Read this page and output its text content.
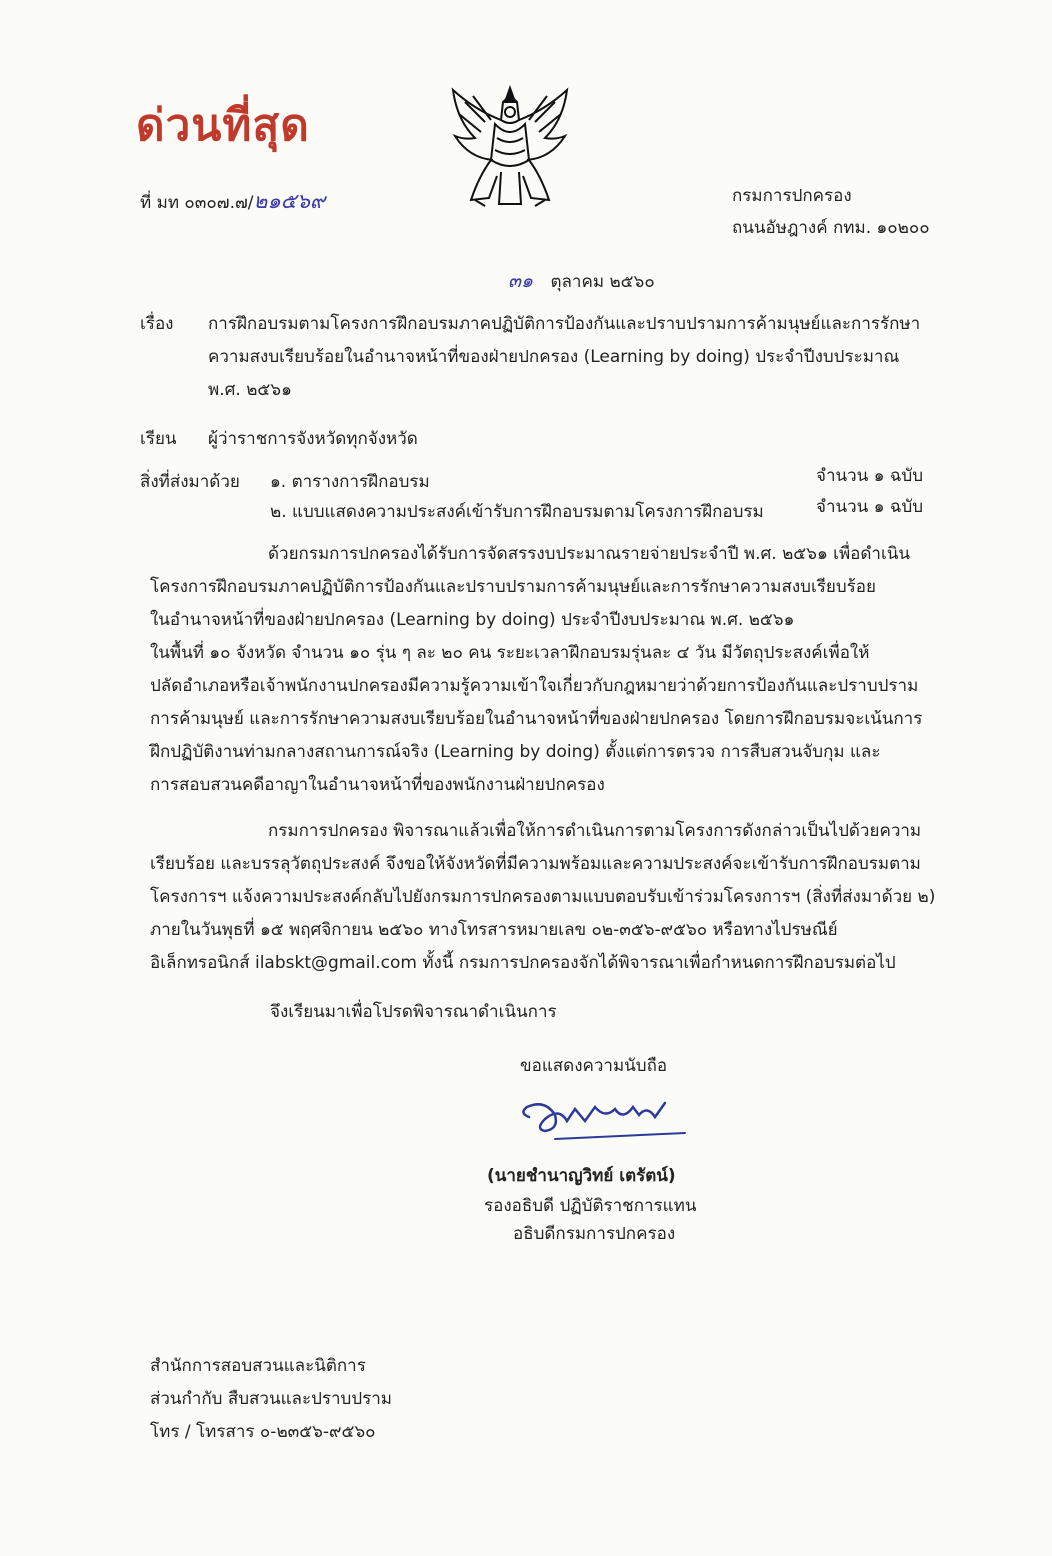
ด่วนที่สุด
ที่ มท ๐๓๐๗.๗/๒๑๕๖๙	กรมการปกครอง
ถนนอัษฎางค์ กทม. ๑๐๒๐๐
๓๑ ตุลาคม ๒๕๖๐
เรื่อง การฝึกอบรมตามโครงการฝึกอบรมภาคปฏิบัติการป้องกันและปราบปรามการค้ามนุษย์และการรักษา
ความสงบเรียบร้อยในอำนาจหน้าที่ของฝ่ายปกครอง (Learning by doing) ประจำปีงบประมาณ
พ.ศ. ๒๕๖๑
เรียน ผู้ว่าราชการจังหวัดทุกจังหวัด
สิ่งที่ส่งมาด้วย ๑. ตารางการฝึกอบรม	จำนวน ๑ ฉบับ
๒. แบบแสดงความประสงค์เข้ารับการฝึกอบรมตามโครงการฝึกอบรม	จำนวน ๑ ฉบับ
ด้วยกรมการปกครองได้รับการจัดสรรงบประมาณรายจ่ายประจำปี พ.ศ. ๒๕๖๑ เพื่อดำเนิน
โครงการฝึกอบรมภาคปฏิบัติการป้องกันและปราบปรามการค้ามนุษย์และการรักษาความสงบเรียบร้อย
ในอำนาจหน้าที่ของฝ่ายปกครอง (Learning by doing) ประจำปีงบประมาณ พ.ศ. ๒๕๖๑
ในพื้นที่ ๑๐ จังหวัด จำนวน ๑๐ รุ่น ๆ ละ ๒๐ คน ระยะเวลาฝึกอบรมรุ่นละ ๔ วัน มีวัตถุประสงค์เพื่อให้
ปลัดอำเภอหรือเจ้าพนักงานปกครองมีความรู้ความเข้าใจเกี่ยวกับกฎหมายว่าด้วยการป้องกันและปราบปราม
การค้ามนุษย์ และการรักษาความสงบเรียบร้อยในอำนาจหน้าที่ของฝ่ายปกครอง โดยการฝึกอบรมจะเน้นการ
ฝึกปฏิบัติงานท่ามกลางสถานการณ์จริง (Learning by doing) ตั้งแต่การตรวจ การสืบสวนจับกุม และ
การสอบสวนคดีอาญาในอำนาจหน้าที่ของพนักงานฝ่ายปกครอง
กรมการปกครอง พิจารณาแล้วเพื่อให้การดำเนินการตามโครงการดังกล่าวเป็นไปด้วยความ
เรียบร้อย และบรรลุวัตถุประสงค์ จึงขอให้จังหวัดที่มีความพร้อมและความประสงค์จะเข้ารับการฝึกอบรมตาม
โครงการฯ แจ้งความประสงค์กลับไปยังกรมการปกครองตามแบบตอบรับเข้าร่วมโครงการฯ (สิ่งที่ส่งมาด้วย ๒)
ภายในวันพุธที่ ๑๕ พฤศจิกายน ๒๕๖๐ ทางโทรสารหมายเลข ๐๒-๓๕๖-๙๕๖๐ หรือทางไปรษณีย์
อิเล็กทรอนิกส์ ilabskt@gmail.com ทั้งนี้ กรมการปกครองจักได้พิจารณาเพื่อกำหนดการฝึกอบรมต่อไป
จึงเรียนมาเพื่อโปรดพิจารณาดำเนินการ
ขอแสดงความนับถือ
(นายชำนาญวิทย์ เตรัตน์)
รองอธิบดี ปฏิบัติราชการแทน
อธิบดีกรมการปกครอง
สำนักการสอบสวนและนิติการ
ส่วนกำกับ สืบสวนและปราบปราม
โทร / โทรสาร ๐-๒๓๕๖-๙๕๖๐
